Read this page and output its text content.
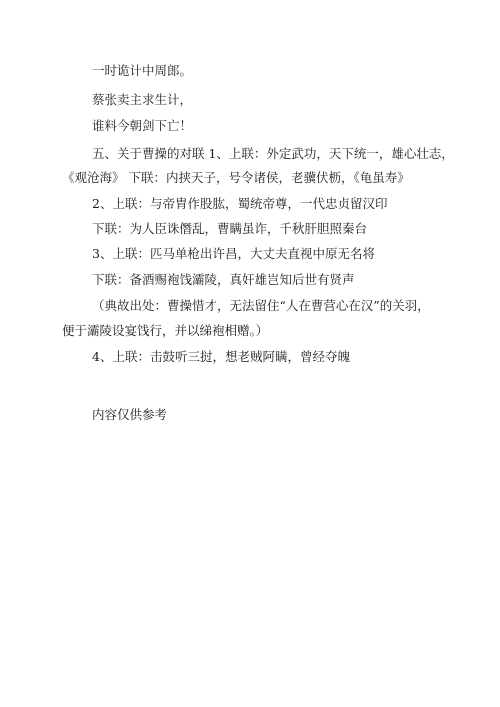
一时诡计中周郎。
蔡张卖主求生计，
谁料今朝剑下亡！
五、关于曹操的对联 1、上联：外定武功，天下统一，雄心壮志，
《观沧海》 下联：内挟天子，号令诸侯，老骥伏枥，《龟虽寿》
2、上联：与帝胄作股肱，蜀统帝尊，一代忠贞留汉印
下联：为人臣诛僭乱，曹瞒虽诈，千秋肝胆照秦台
3、上联：匹马单枪出许昌，大丈夫直视中原无名将
下联：备酒赐袍饯灞陵，真奸雄岂知后世有贤声
（典故出处：曹操惜才，无法留住“人在曹营心在汉”的关羽，
便于灞陵设宴饯行，并以绨袍相赠。）
4、上联：击鼓听三挝，想老贼阿瞒，曾经夺魄
内容仅供参考
